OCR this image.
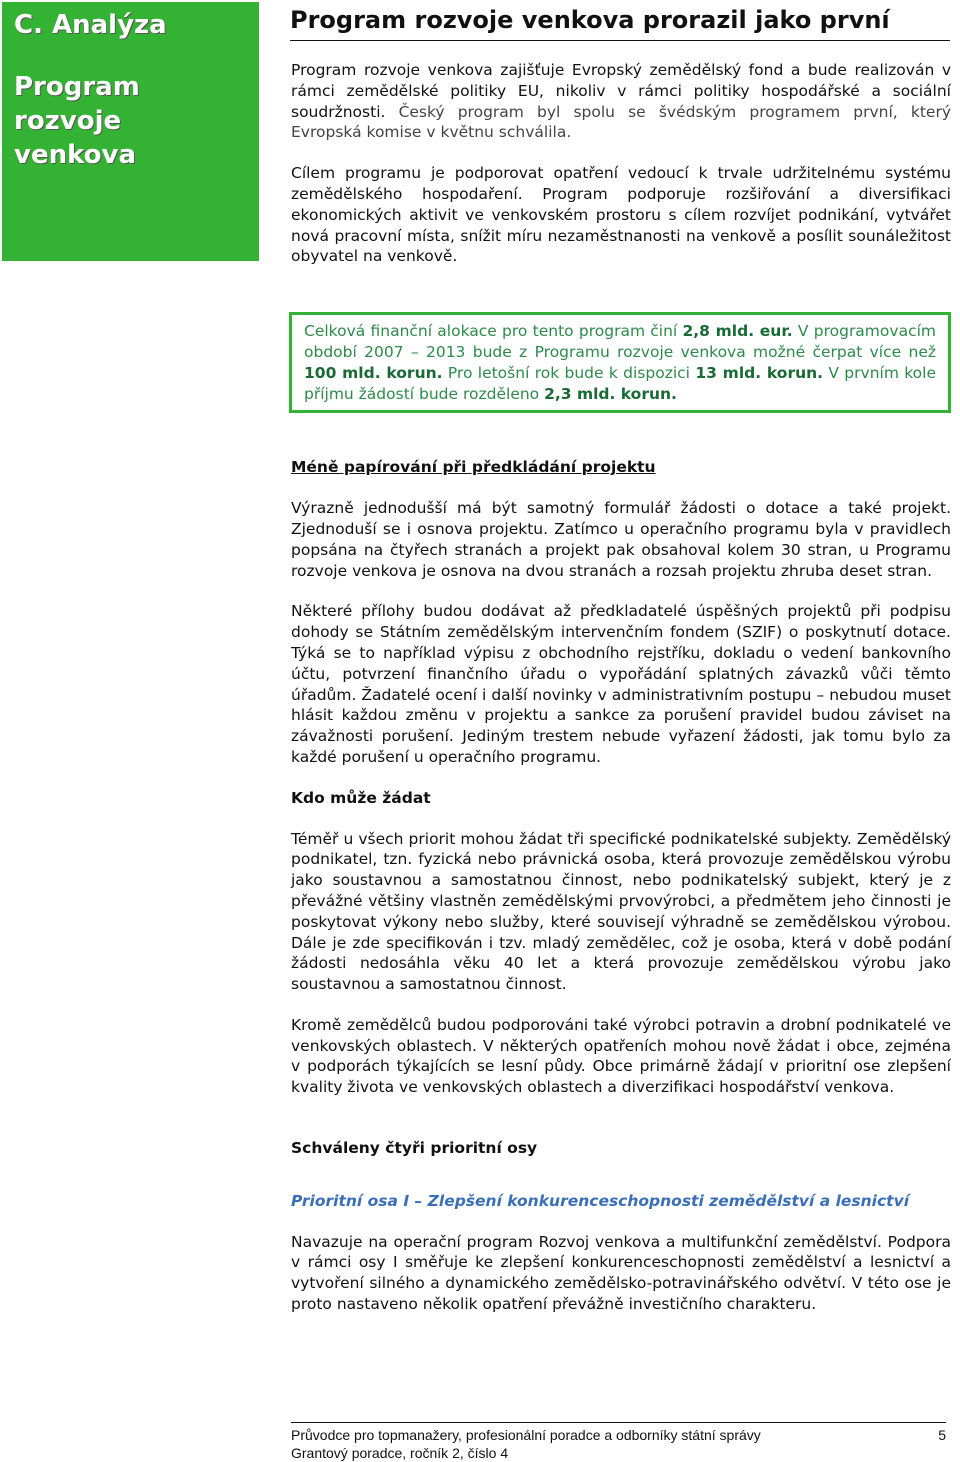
C. Analýza
Program rozvoje venkova
Program rozvoje venkova prorazil jako první

Program rozvoje venkova zajišťuje Evropský zemědělský fond a bude realizován v rámci zemědělské politiky EU, nikoliv v rámci politiky hospodářské a sociální soudržnosti. Český program byl spolu se švédským programem první, který Evropská komise v květnu schválila.

Cílem programu je podporovat opatření vedoucí k trvale udržitelnému systému zemědělského hospodaření. Program podporuje rozšiřování a diversifikaci ekonomických aktivit ve venkovském prostoru s cílem rozvíjet podnikání, vytvářet nová pracovní místa, snížit míru nezaměstnanosti na venkově a posílit sounáležitost obyvatel na venkově.

Celková finanční alokace pro tento program činí 2,8 mld. eur. V programovacím období 2007 – 2013 bude z Programu rozvoje venkova možné čerpat více než 100 mld. korun. Pro letošní rok bude k dispozici 13 mld. korun. V prvním kole příjmu žádostí bude rozděleno 2,3 mld. korun.

Méně papírování při předkládání projektu

Výrazně jednodušší má být samotný formulář žádosti o dotace a také projekt. Zjednoduší se i osnova projektu. Zatímco u operačního programu byla v pravidlech popsána na čtyřech stranách a projekt pak obsahoval kolem 30 stran, u Programu rozvoje venkova je osnova na dvou stranách a rozsah projektu zhruba deset stran.

Některé přílohy budou dodávat až předkladatelé úspěšných projektů při podpisu dohody se Státním zemědělským intervenčním fondem (SZIF) o poskytnutí dotace. Týká se to například výpisu z obchodního rejstříku, dokladu o vedení bankovního účtu, potvrzení finančního úřadu o vypořádání splatných závazků vůči těmto úřadům. Žadatelé ocení i další novinky v administrativním postupu – nebudou muset hlásit každou změnu v projektu a sankce za porušení pravidel budou záviset na závažnosti porušení. Jediným trestem nebude vyřazení žádosti, jak tomu bylo za každé porušení u operačního programu.

Kdo může žádat

Téměř u všech priorit mohou žádat tři specifické podnikatelské subjekty. Zemědělský podnikatel, tzn. fyzická nebo právnická osoba, která provozuje zemědělskou výrobu jako soustavnou a samostatnou činnost, nebo podnikatelský subjekt, který je z převážné většiny vlastněn zemědělskými prvovýrobci, a předmětem jeho činnosti je poskytovat výkony nebo služby, které souvisejí výhradně se zemědělskou výrobou. Dále je zde specifikován i tzv. mladý zemědělec, což je osoba, která v době podání žádosti nedosáhla věku 40 let a která provozuje zemědělskou výrobu jako soustavnou a samostatnou činnost.

Kromě zemědělců budou podporováni také výrobci potravin a drobní podnikatelé ve venkovských oblastech. V některých opatřeních mohou nově žádat i obce, zejména v podporách týkajících se lesní půdy. Obce primárně žádají v prioritní ose zlepšení kvality života ve venkovských oblastech a diverzifikaci hospodářství venkova.

Schváleny čtyři prioritní osy

Prioritní osa I – Zlepšení konkurenceschopnosti zemědělství a lesnictví

Navazuje na operační program Rozvoj venkova a multifunkční zemědělství. Podpora v rámci osy I směřuje ke zlepšení konkurenceschopnosti zemědělství a lesnictví a vytvoření silného a dynamického zemědělsko-potravinářského odvětví. V této ose je proto nastaveno několik opatření převážně investičního charakteru.

Průvodce pro topmanažery, profesionální poradce a odborníky státní správy
Grantový poradce, ročník 2, číslo 4
5
